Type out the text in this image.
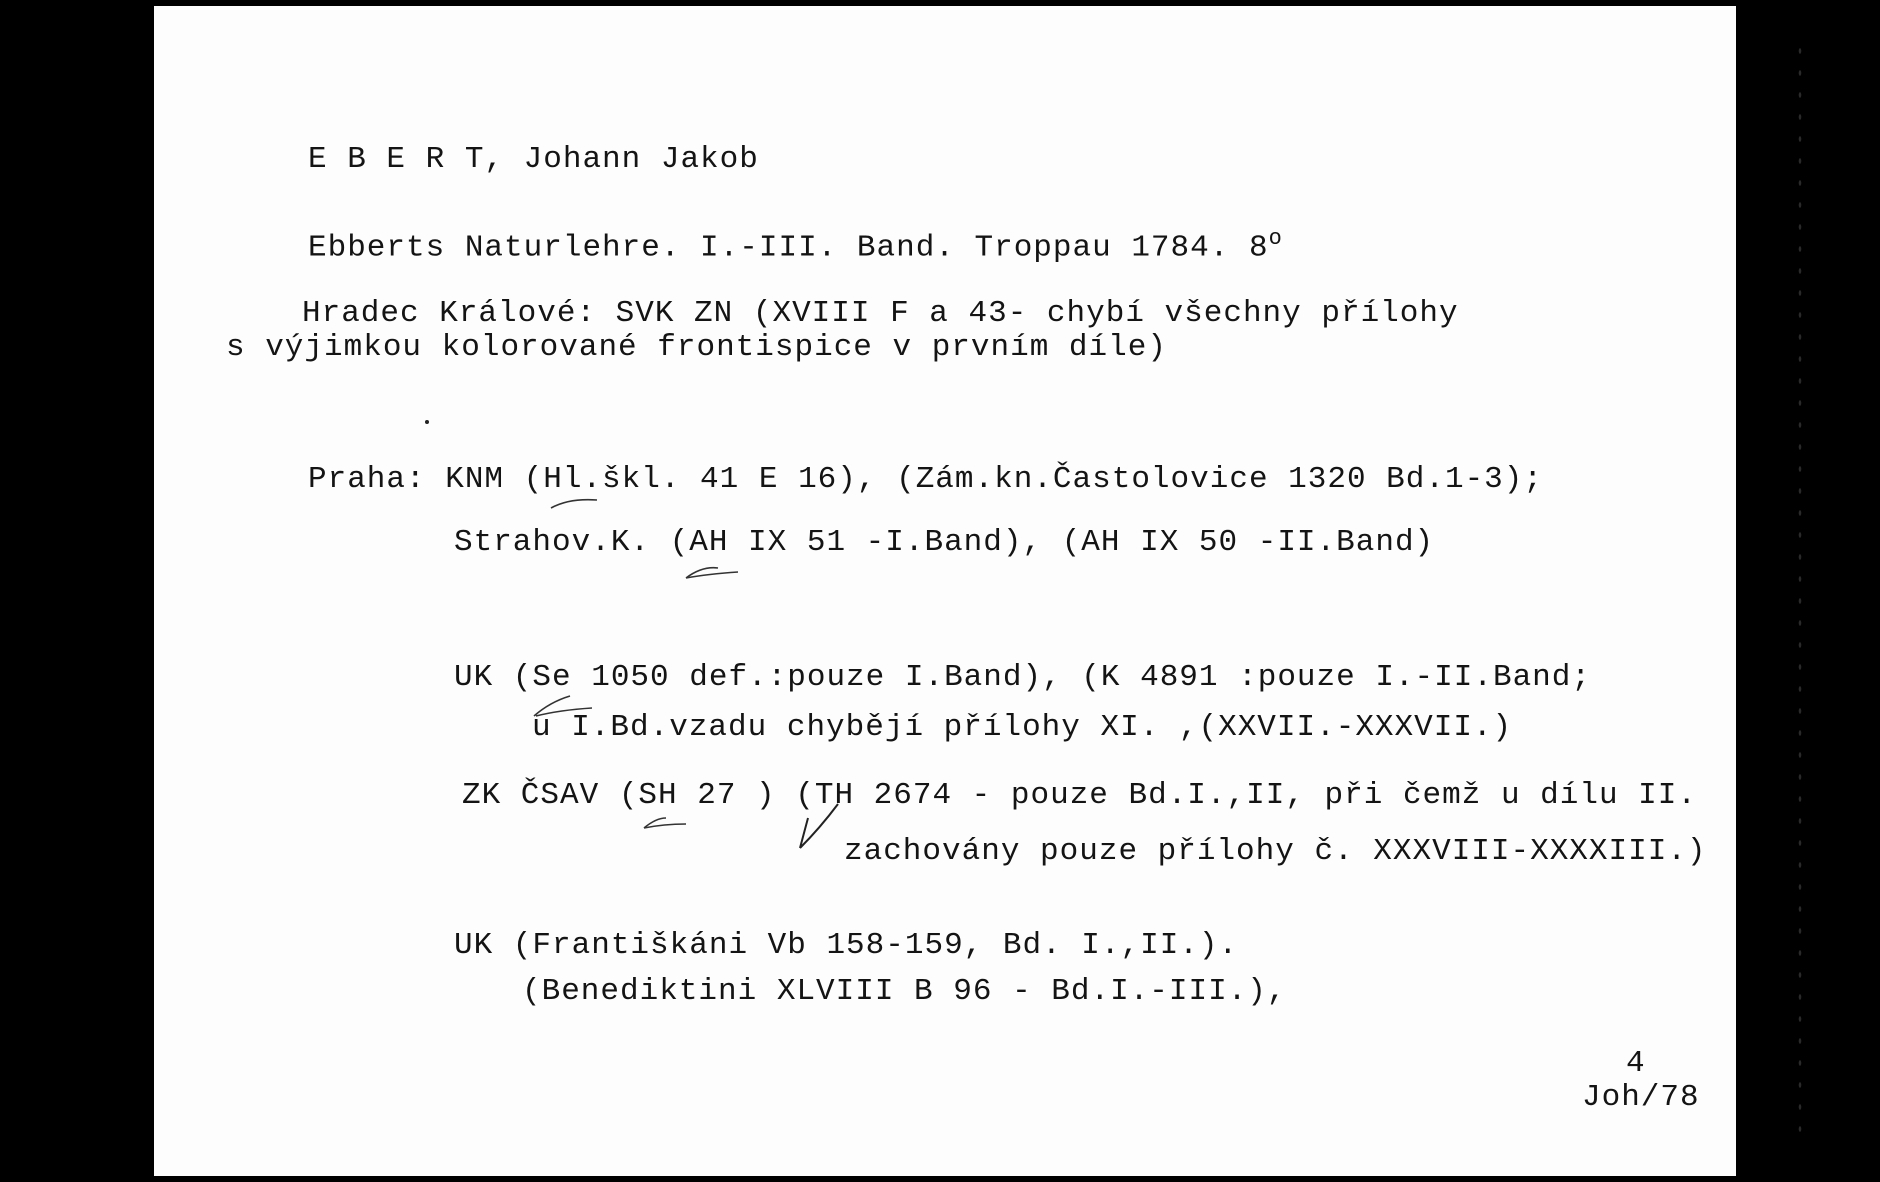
E B E R T, Johann Jakob
Ebberts Naturlehre. I.-III. Band. Troppau 1784. 8$^o$
Hradec Králové: SVK ZN (XVIII F a 43- chybí všechny přílohy
s výjimkou kolorované frontispice v prvním díle)
Praha: KNM (Hl.škl. 41 E 16), (Zám.kn.Častolovice 1320 Bd.1-3);
Strahov.K. (AH IX 51 -I.Band), (AH IX 50 -II.Band)
UK (Se 1050 def.:pouze I.Band), (K 4891 :pouze I.-II.Band;
u I.Bd.vzadu chybějí přílohy XI. ,(XXVII.-XXXVII.)
ZK ČSAV (SH 27 ) (TH 2674 - pouze Bd.I.,II, při čemž u dílu II.
zachovány pouze přílohy č. XXXVIII-XXXXIII.)
UK (Františkáni Vb 158-159, Bd. I.,II.).
(Benediktini XLVIII B 96 - Bd.I.-III.),
4
Joh/78
